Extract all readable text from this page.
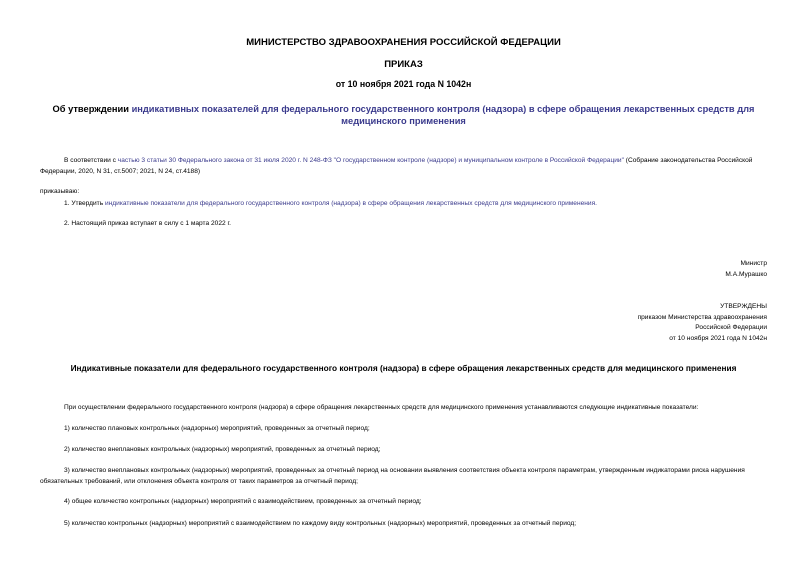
МИНИСТЕРСТВО ЗДРАВООХРАНЕНИЯ РОССИЙСКОЙ ФЕДЕРАЦИИ
ПРИКАЗ
от 10 ноября 2021 года N 1042н
Об утверждении индикативных показателей для федерального государственного контроля (надзора) в сфере обращения лекарственных средств для
медицинского применения
В соответствии с частью 3 статьи 30 Федерального закона от 31 июля 2020 г. N 248-ФЗ "О государственном контроле (надзоре) и муниципальном контроле в Российской Федерации" (Собрание законодательства Российской Федерации, 2020, N 31, ст.5007; 2021, N 24, ст.4188)
приказываю:
1. Утвердить индикативные показатели для федерального государственного контроля (надзора) в сфере обращения лекарственных средств для медицинского применения.
2. Настоящий приказ вступает в силу с 1 марта 2022 г.
Министр
М.А.Мурашко
УТВЕРЖДЕНЫ
приказом Министерства здравоохранения
Российской Федерации
от 10 ноября 2021 года N 1042н
Индикативные показатели для федерального государственного контроля (надзора) в сфере обращения лекарственных средств для медицинского применения
При осуществлении федерального государственного контроля (надзора) в сфере обращения лекарственных средств для медицинского применения устанавливаются следующие индикативные показатели:
1) количество плановых контрольных (надзорных) мероприятий, проведенных за отчетный период;
2) количество внеплановых контрольных (надзорных) мероприятий, проведенных за отчетный период;
3) количество внеплановых контрольных (надзорных) мероприятий, проведенных за отчетный период на основании выявления соответствия объекта контроля параметрам, утвержденным индикаторами риска нарушения обязательных требований, или отклонения объекта контроля от таких параметров за отчетный период;
4) общее количество контрольных (надзорных) мероприятий с взаимодействием, проведенных за отчетный период;
5) количество контрольных (надзорных) мероприятий с взаимодействием по каждому виду контрольных (надзорных) мероприятий, проведенных за отчетный период;
